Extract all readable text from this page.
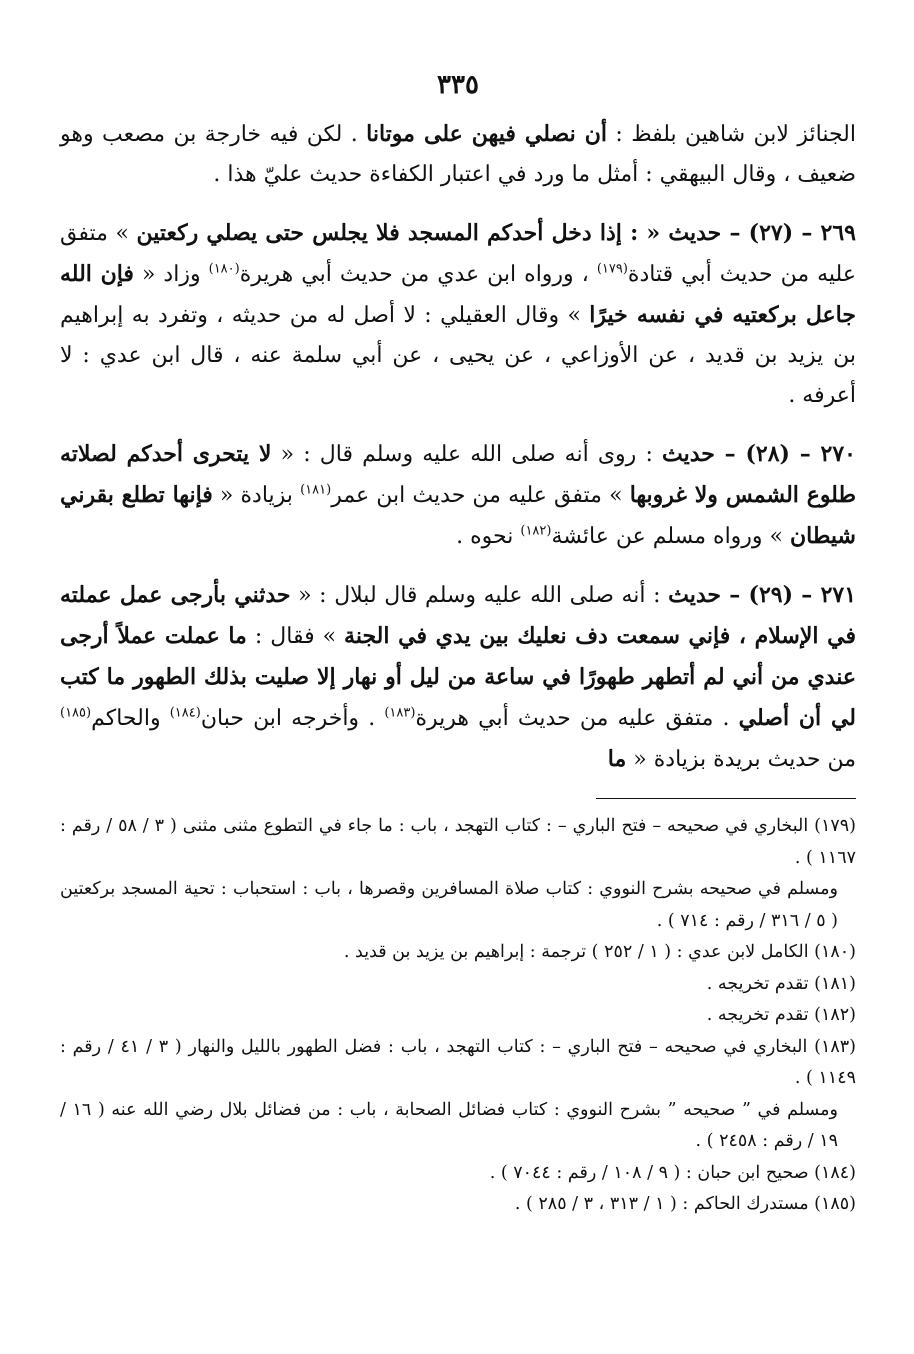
٣٣٥

الجنائز لابن شاهين بلفظ : أن نصلي فيهن على موتانا . لكن فيه خارجة بن مصعب وهو ضعيف ، وقال البيهقي : أمثل ما ورد في اعتبار الكفاءة حديث عليّ هذا .

٢٦٩ – (٢٧) – حديث « : إذا دخل أحدكم المسجد فلا يجلس حتى يصلي ركعتين » متفق عليه من حديث أبي قتادة$^{(١٧٩)}$ ، ورواه ابن عدي من حديث أبي هريرة$^{(١٨٠)}$ وزاد « فإن الله جاعل بركعتيه في نفسه خيرًا » وقال العقيلي : لا أصل له من حديثه ، وتفرد به إبراهيم بن يزيد بن قديد ، عن الأوزاعي ، عن يحيى ، عن أبي سلمة عنه ، قال ابن عدي : لا أعرفه .

٢٧٠ – (٢٨) – حديث : روى أنه صلى الله عليه وسلم قال : « لا يتحرى أحدكم لصلاته طلوع الشمس ولا غروبها » متفق عليه من حديث ابن عمر$^{(١٨١)}$ بزيادة « فإنها تطلع بقرني شيطان » ورواه مسلم عن عائشة$^{(١٨٢)}$ نحوه .

٢٧١ – (٢٩) – حديث : أنه صلى الله عليه وسلم قال لبلال : « حدثني بأرجى عمل عملته في الإسلام ، فإني سمعت دف نعليك بين يدي في الجنة » فقال : ما عملت عملاً أرجى عندي من أني لم أتطهر طهورًا في ساعة من ليل أو نهار إلا صليت بذلك الطهور ما كتب لي أن أصلي . متفق عليه من حديث أبي هريرة$^{(١٨٣)}$ . وأخرجه ابن حبان$^{(١٨٤)}$ والحاكم$^{(١٨٥)}$ من حديث بريدة بزيادة « ما

(١٧٩) البخاري في صحيحه – فتح الباري – : كتاب التهجد ، باب : ما جاء في التطوع مثنى مثنى ( ٣ / ٥٨ / رقم : ١١٦٧ ) .

ومسلم في صحيحه بشرح النووي : كتاب صلاة المسافرين وقصرها ، باب : استحباب : تحية المسجد بركعتين ( ٥ / ٣١٦ / رقم : ٧١٤ ) .

(١٨٠) الكامل لابن عدي : ( ١ / ٢٥٢ ) ترجمة : إبراهيم بن يزيد بن قديد .

(١٨١) تقدم تخريجه .

(١٨٢) تقدم تخريجه .

(١٨٣) البخاري في صحيحه – فتح الباري – : كتاب التهجد ، باب : فضل الطهور بالليل والنهار ( ٣ / ٤١ / رقم : ١١٤٩ ) .

ومسلم في ” صحيحه ” بشرح النووي : كتاب فضائل الصحابة ، باب : من فضائل بلال رضي الله عنه ( ١٦ / ١٩ / رقم : ٢٤٥٨ ) .

(١٨٤) صحيح ابن حبان : ( ٩ / ١٠٨ / رقم : ٧٠٤٤ ) .

(١٨٥) مستدرك الحاكم : ( ١ / ٣١٣ ، ٣ / ٢٨٥ ) .
